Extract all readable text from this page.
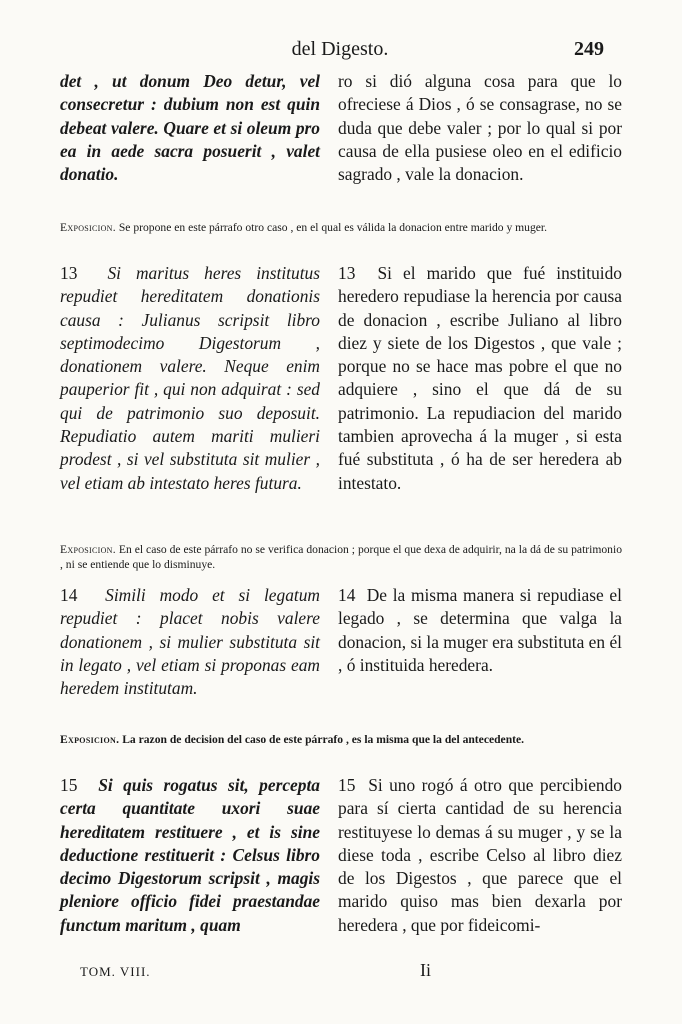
del Digesto.	249

det , ut donum Deo detur, vel consecretur : dubium non est quin debeat valere. Quare et si oleum pro ea in aede sacra posuerit , valet donatio.

ro si dió alguna cosa para que lo ofreciese á Dios , ó se consagrase, no se duda que debe valer ; por lo qual si por causa de ella pusiese oleo en el edificio sagrado , vale la donacion.

Exposicion. Se propone en este párrafo otro caso , en el qual es válida la donacion entre marido y muger.

13 Si maritus heres institutus repudiet hereditatem donationis causa : Julianus scripsit libro septimodecimo Digestorum , donationem valere. Neque enim pauperior fit , qui non adquirat : sed qui de patrimonio suo deposuit. Repudiatio autem mariti mulieri prodest , si vel substituta sit mulier , vel etiam ab intestato heres futura.

13 Si el marido que fué instituido heredero repudiase la herencia por causa de donacion , escribe Juliano al libro diez y siete de los Digestos , que vale ; porque no se hace mas pobre el que no adquiere , sino el que dá de su patrimonio. La repudiacion del marido tambien aprovecha á la muger , si esta fué substituta , ó ha de ser heredera ab intestato.

Exposicion. En el caso de este párrafo no se verifica donacion ; porque el que dexa de adquirir, na la dá de su patrimonio , ni se entiende que lo disminuye.

14 Simili modo et si legatum repudiet : placet nobis valere donationem , si mulier substituta sit in legato , vel etiam si proponas eam heredem institutam.

14 De la misma manera si repudiase el legado , se determina que valga la donacion, si la muger era substituta en él , ó instituida heredera.

Exposicion. La razon de decision del caso de este párrafo , es la misma que la del antecedente.

15 Si quis rogatus sit, percepta certa quantitate uxori suae hereditatem restituere , et is sine deductione restituerit : Celsus libro decimo Digestorum scripsit , magis pleniore officio fidei praestandae functum maritum , quam

15 Si uno rogó á otro que percibiendo para sí cierta cantidad de su herencia restituyese lo demas á su muger , y se la diese toda , escribe Celso al libro diez de los Digestos , que parece que el marido quiso mas bien dexarla por heredera , que por fideicomi-

TOM. VIII.	Ii
